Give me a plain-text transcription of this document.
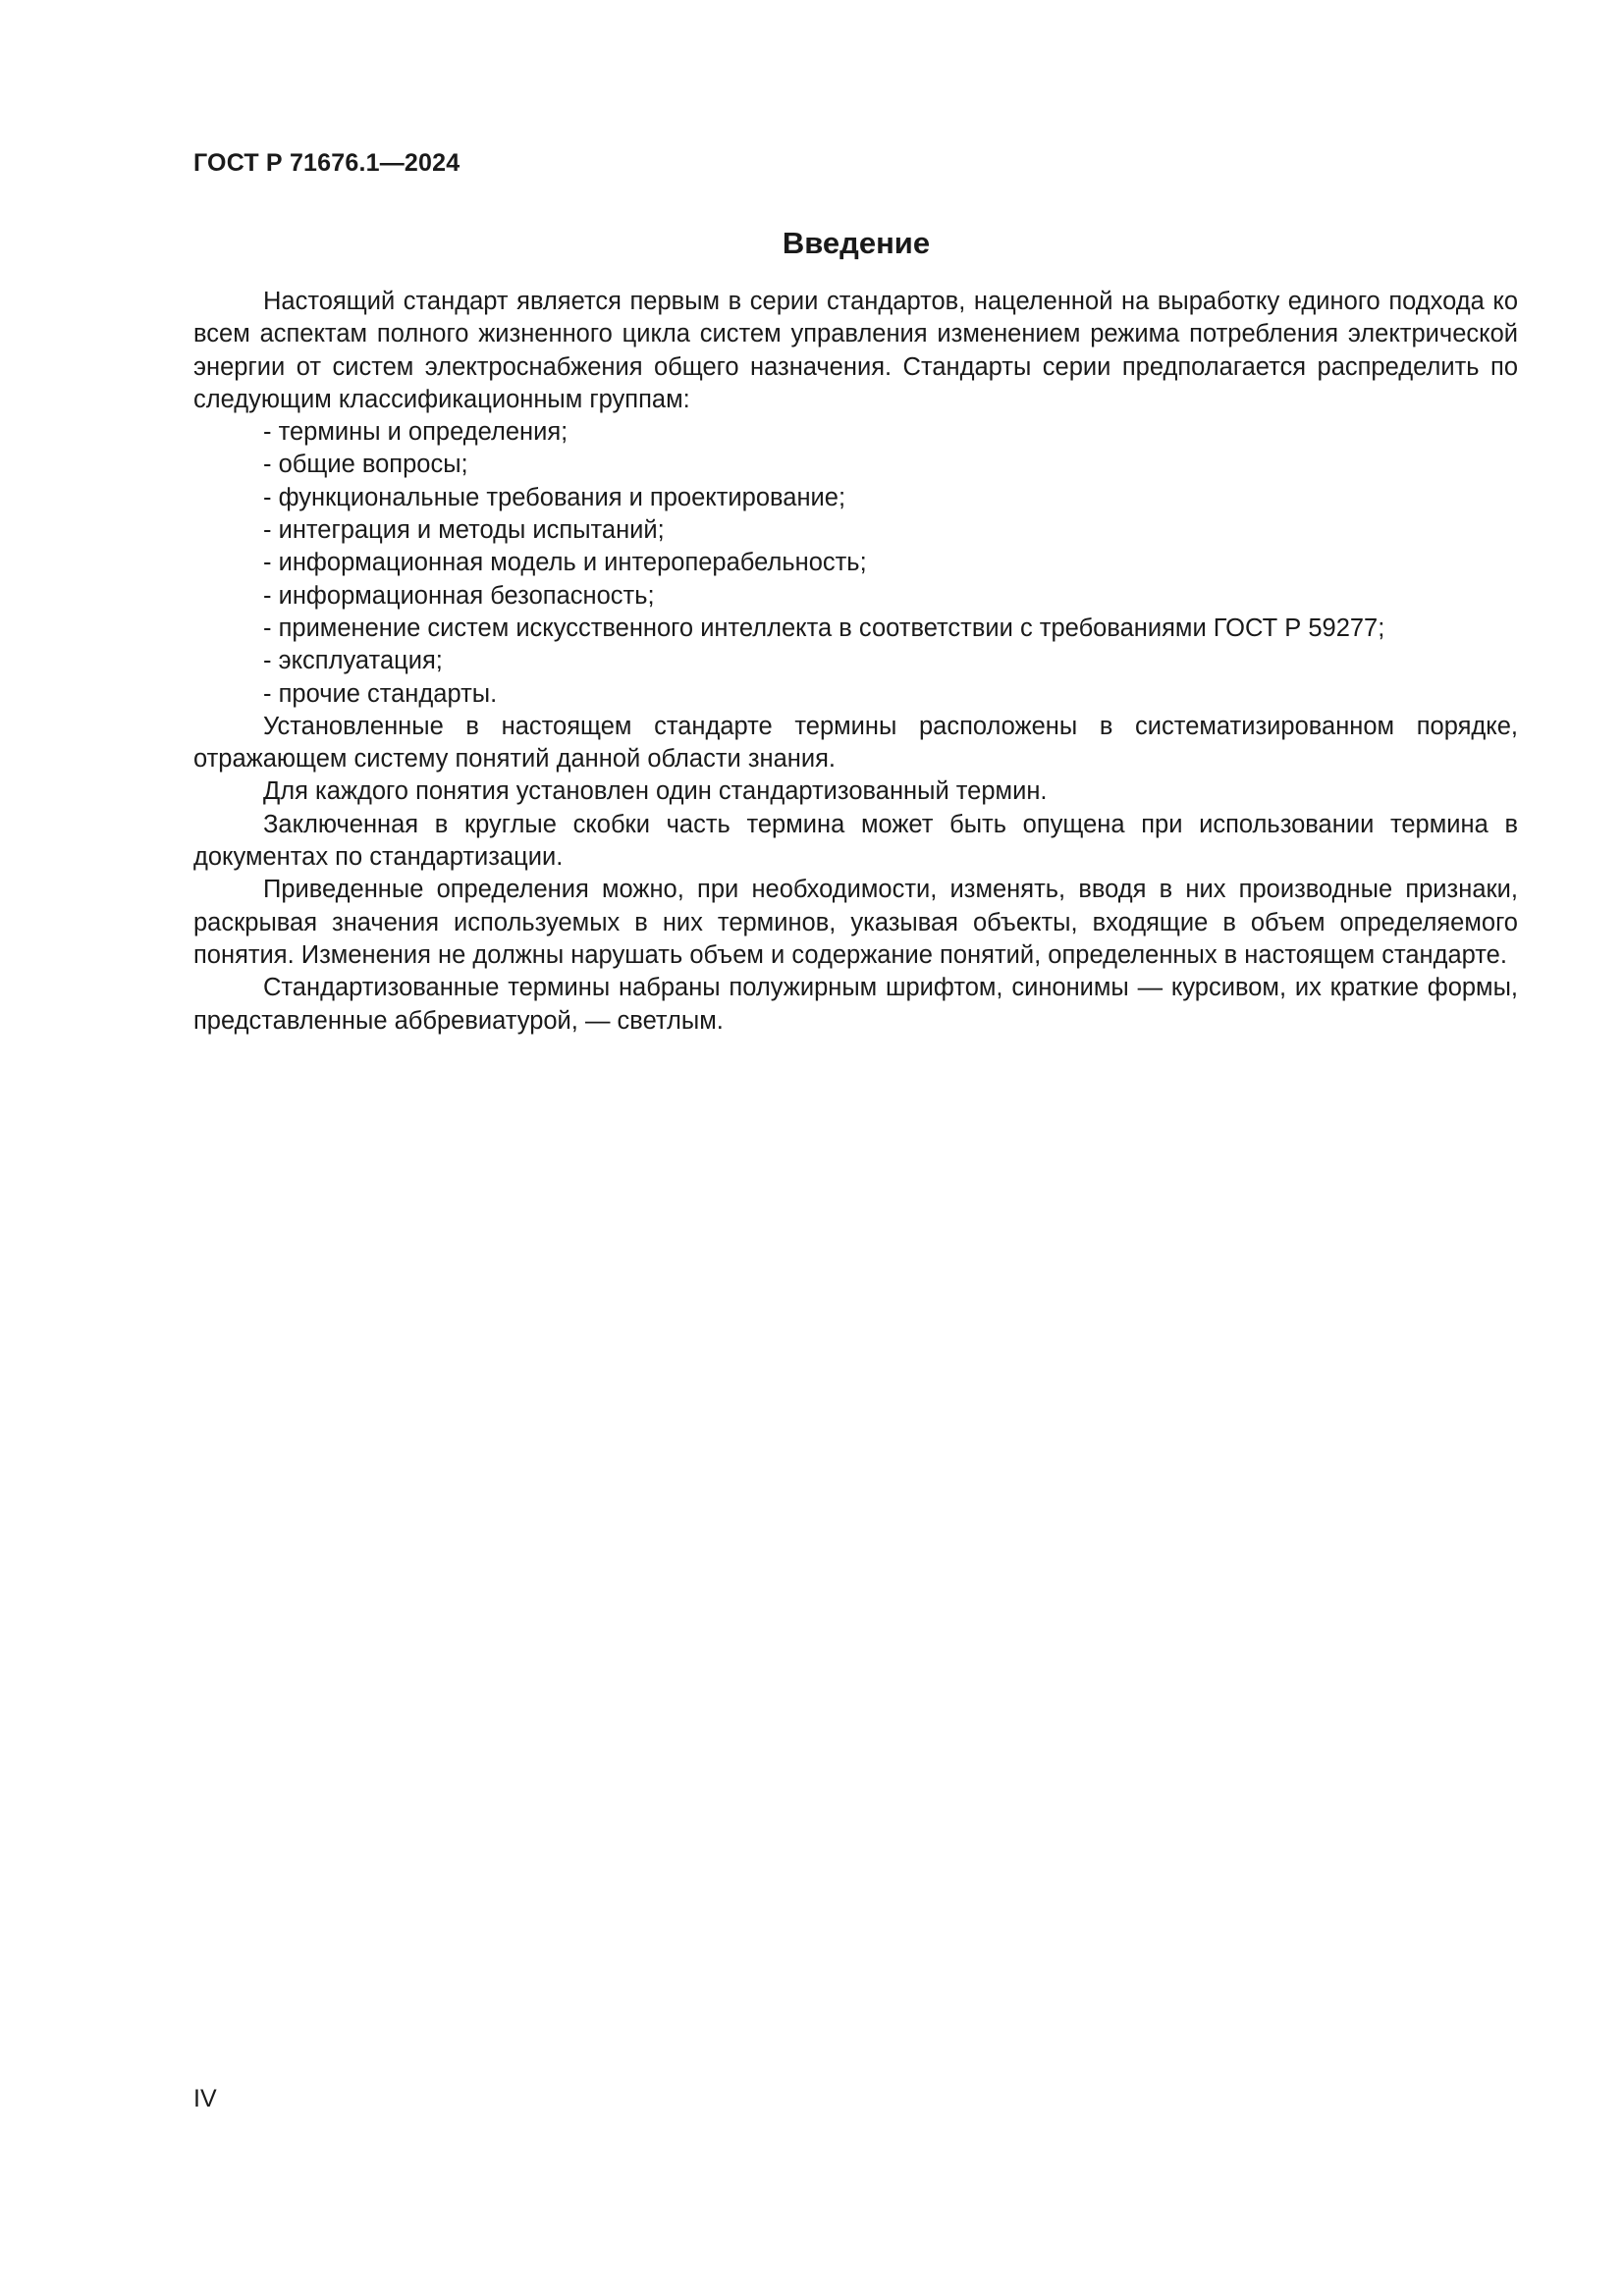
ГОСТ Р 71676.1—2024
Введение

Настоящий стандарт является первым в серии стандартов, нацеленной на выработку единого подхода ко всем аспектам полного жизненного цикла систем управления изменением режима потребления электрической энергии от систем электроснабжения общего назначения. Стандарты серии предполагается распределить по следующим классификационным группам:

- термины и определения;
- общие вопросы;
- функциональные требования и проектирование;
- интеграция и методы испытаний;
- информационная модель и интероперабельность;
- информационная безопасность;
- применение систем искусственного интеллекта в соответствии с требованиями ГОСТ Р 59277;
- эксплуатация;
- прочие стандарты.

Установленные в настоящем стандарте термины расположены в систематизированном порядке, отражающем систему понятий данной области знания.

Для каждого понятия установлен один стандартизованный термин.

Заключенная в круглые скобки часть термина может быть опущена при использовании термина в документах по стандартизации.

Приведенные определения можно, при необходимости, изменять, вводя в них производные признаки, раскрывая значения используемых в них терминов, указывая объекты, входящие в объем определяемого понятия. Изменения не должны нарушать объем и содержание понятий, определенных в настоящем стандарте.

Стандартизованные термины набраны полужирным шрифтом, синонимы — курсивом, их краткие формы, представленные аббревиатурой, — светлым.

IV
